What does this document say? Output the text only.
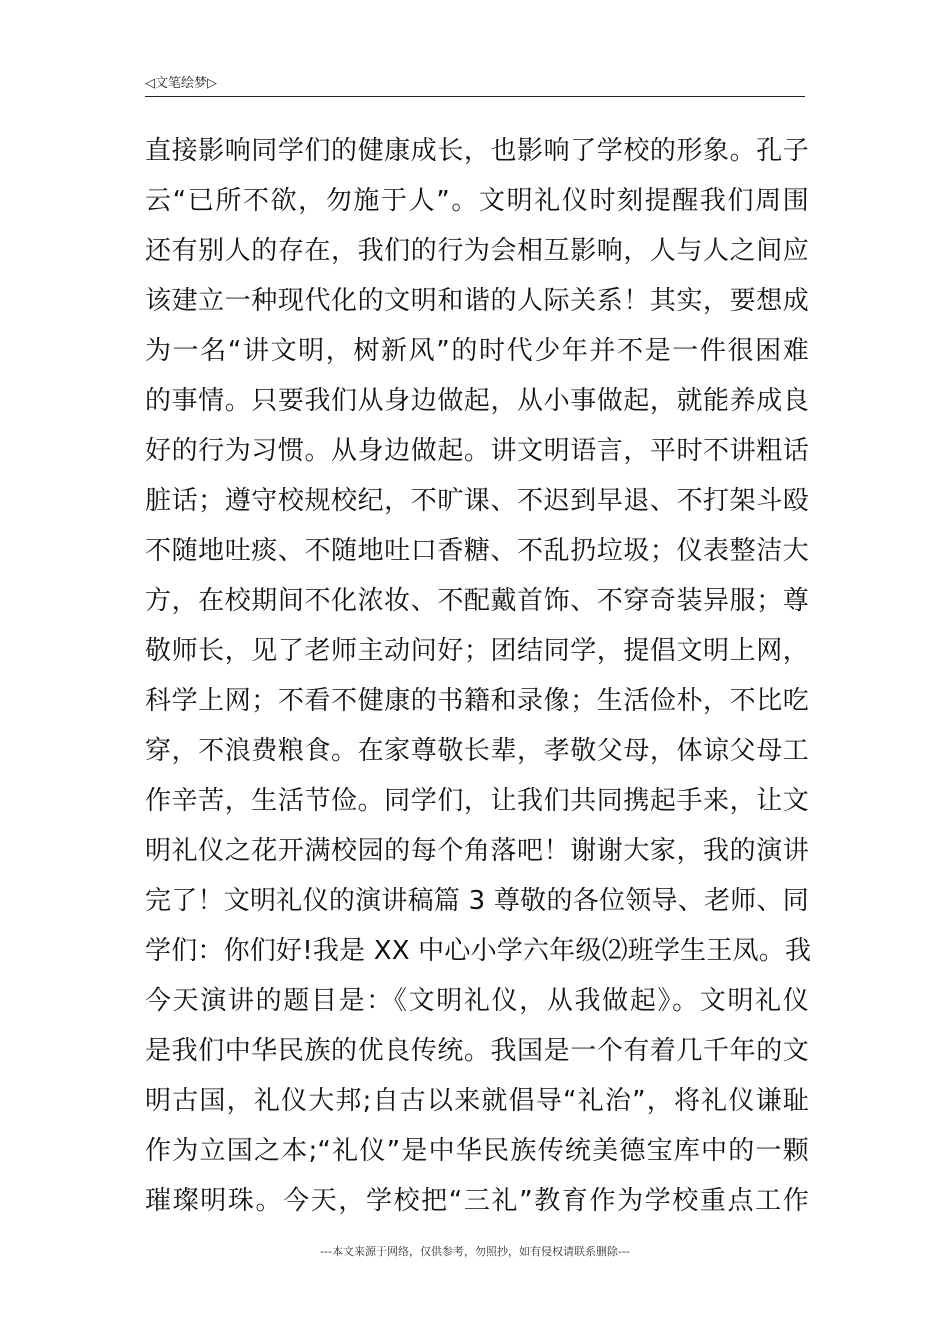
◁文笔绘梦▷
直接影响同学们的健康成长，也影响了学校的形象。孔子
云“已所不欲，勿施于人”。文明礼仪时刻提醒我们周围
还有别人的存在，我们的行为会相互影响，人与人之间应
该建立一种现代化的文明和谐的人际关系！其实，要想成
为一名“讲文明，树新风”的时代少年并不是一件很困难
的事情。只要我们从身边做起，从小事做起，就能养成良
好的行为习惯。从身边做起。讲文明语言，平时不讲粗话
脏话；遵守校规校纪，不旷课、不迟到早退、不打架斗殴
不随地吐痰、不随地吐口香糖、不乱扔垃圾；仪表整洁大
方，在校期间不化浓妆、不配戴首饰、不穿奇装异服；尊
敬师长，见了老师主动问好；团结同学，提倡文明上网，
科学上网；不看不健康的书籍和录像；生活俭朴，不比吃
穿，不浪费粮食。在家尊敬长辈，孝敬父母，体谅父母工
作辛苦，生活节俭。同学们，让我们共同携起手来，让文
明礼仪之花开满校园的每个角落吧！谢谢大家，我的演讲
完了！文明礼仪的演讲稿篇 3 尊敬的各位领导、老师、同
学们：你们好!我是 XX 中心小学六年级⑵班学生王凤。我
今天演讲的题目是：《文明礼仪，从我做起》。文明礼仪
是我们中华民族的优良传统。我国是一个有着几千年的文
明古国，礼仪大邦;自古以来就倡导“礼治”，将礼仪谦耻
作为立国之本;“礼仪”是中华民族传统美德宝库中的一颗
璀璨明珠。今天，学校把“三礼”教育作为学校重点工作
---本文来源于网络，仅供参考，勿照抄，如有侵权请联系删除---
